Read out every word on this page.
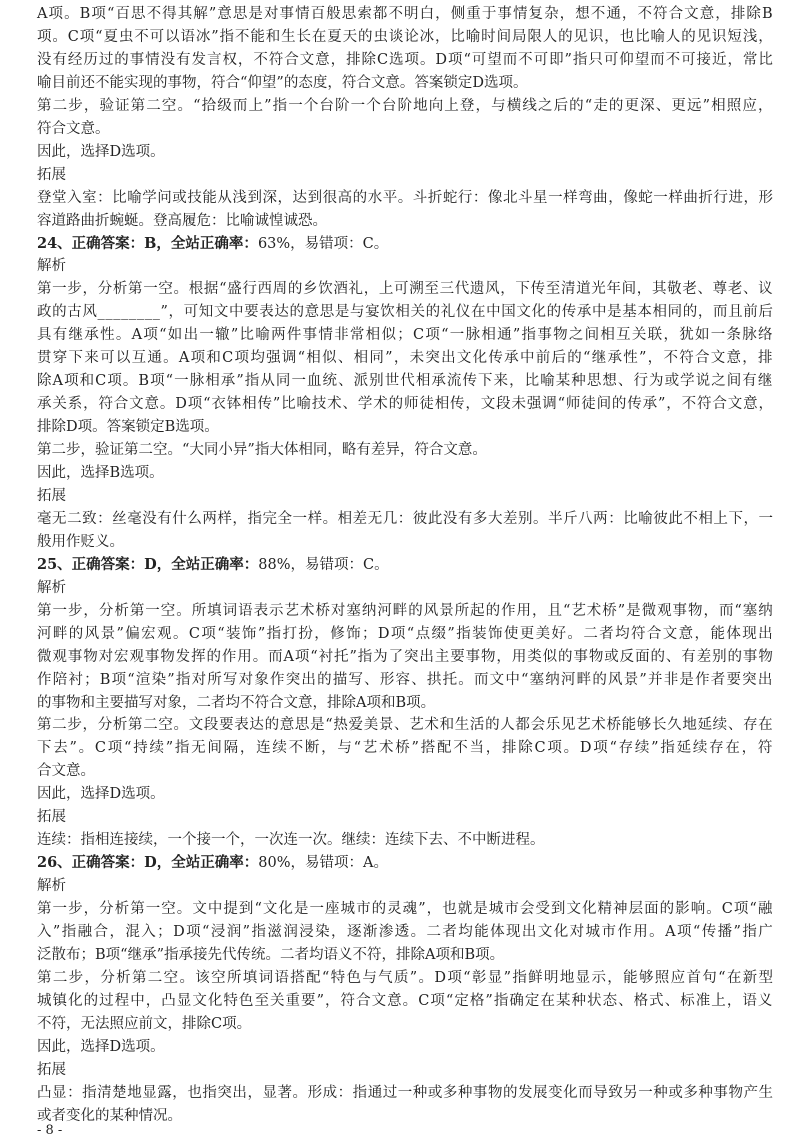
A 项 。 B 项 “ 百 思 不 得 其 解 ” 意 思 是 对 事 情 百 般 思 索 都 不 明 白 ， 侧 重 于 事 情 复 杂 ， 想 不 通 ， 不 符 合 文 意 ， 排 除 B
项 。 C 项 “ 夏 虫 不 可 以 语 冰 ” 指 不 能 和 生 长 在 夏 天 的 虫 谈 论 冰 ， 比 喻 时 间 局 限 人 的 见 识 ， 也 比 喻 人 的 见 识 短 浅 ，
没 有 经 历 过 的 事 情 没 有 发 言 权 ， 不 符 合 文 意 ， 排 除 C 选 项 。 D 项 “ 可 望 而 不 可 即 ” 指 只 可 仰 望 而 不 可 接 近 ， 常 比
喻目前还不能实现的事物，符合“仰望”的态度，符合文意。答案锁定D选项。
第 二 步 ， 验 证 第 二 空 。 “ 拾 级 而 上 ” 指 一 个 台 阶 一 个 台 阶 地 向 上 登 ， 与 横 线 之 后 的 “ 走 的 更 深 、 更 远 ” 相 照 应 ，
符合文意。
因此，选择D选项。
拓展
登 堂 入 室 ： 比 喻 学 问 或 技 能 从 浅 到 深 ， 达 到 很 高 的 水 平 。 斗 折 蛇 行 ： 像 北 斗 星 一 样 弯 曲 ， 像 蛇 一 样 曲 折 行 进 ， 形
容道路曲折蜿蜒。登高履危：比喻诚惶诚恐。
24、正确答案：B，全站正确率： 63%，易错项：C。
解析
第 一 步 ， 分 析 第 一 空 。 根 据 “ 盛 行 西 周 的 乡 饮 酒 礼 ， 上 可 溯 至 三 代 遗 风 ， 下 传 至 清 道 光 年 间 ， 其 敬 老 、 尊 老 、 议
政 的 古 风 _ _ _ _ _ _ _ _ ” ， 可 知 文 中 要 表 达 的 意 思 是 与 宴 饮 相 关 的 礼 仪 在 中 国 文 化 的 传 承 中 是 基 本 相 同 的 ， 而 且 前 后
具 有 继 承 性 。 A 项 “ 如 出 一 辙 ” 比 喻 两 件 事 情 非 常 相 似 ； C 项 “ 一 脉 相 通 ” 指 事 物 之 间 相 互 关 联 ， 犹 如 一 条 脉 络
贯 穿 下 来 可 以 互 通 。 A 项 和 C 项 均 强 调 “ 相 似 、 相 同 ” ， 未 突 出 文 化 传 承 中 前 后 的 “ 继 承 性 ” ， 不 符 合 文 意 ， 排
除 A 项 和 C 项 。 B 项 “ 一 脉 相 承 ” 指 从 同 一 血 统 、 派 别 世 代 相 承 流 传 下 来 ， 比 喻 某 种 思 想 、 行 为 或 学 说 之 间 有 继
承 关 系 ， 符 合 文 意 。 D 项 “ 衣 钵 相 传 ” 比 喻 技 术 、 学 术 的 师 徒 相 传 ， 文 段 未 强 调 “ 师 徒 间 的 传 承 ” ， 不 符 合 文 意 ，
排除D项。答案锁定B选项。
第二步，验证第二空。“大同小异”指大体相同，略有差异，符合文意。
因此，选择B选项。
拓展
毫 无 二 致 ： 丝 毫 没 有 什 么 两 样 ， 指 完 全 一 样 。 相 差 无 几 ： 彼 此 没 有 多 大 差 别 。 半 斤 八 两 ： 比 喻 彼 此 不 相 上 下 ， 一
般用作贬义。
25、正确答案：D，全站正确率： 88%，易错项：C。
解析
第 一 步 ， 分 析 第 一 空 。 所 填 词 语 表 示 艺 术 桥 对 塞 纳 河 畔 的 风 景 所 起 的 作 用 ， 且 “ 艺 术 桥 ” 是 微 观 事 物 ， 而 “ 塞 纳
河 畔 的 风 景 ” 偏 宏 观 。 C 项 “ 装 饰 ” 指 打 扮 ， 修 饰 ； D 项 “ 点 缀 ” 指 装 饰 使 更 美 好 。 二 者 均 符 合 文 意 ， 能 体 现 出
微 观 事 物 对 宏 观 事 物 发 挥 的 作 用 。 而 A 项 “ 衬 托 ” 指 为 了 突 出 主 要 事 物 ， 用 类 似 的 事 物 或 反 面 的 、 有 差 别 的 事 物
作 陪 衬 ； B 项 “ 渲 染 ” 指 对 所 写 对 象 作 突 出 的 描 写 、 形 容 、 拱 托 。 而 文 中 “ 塞 纳 河 畔 的 风 景 ” 并 非 是 作 者 要 突 出
的事物和主要描写对象，二者均不符合文意，排除A项和B项。
第 二 步 ， 分 析 第 二 空 。 文 段 要 表 达 的 意 思 是 “ 热 爱 美 景 、 艺 术 和 生 活 的 人 都 会 乐 见 艺 术 桥 能 够 长 久 地 延 续 、 存 在
下 去 ” 。 C 项 “ 持 续 ” 指 无 间 隔 ， 连 续 不 断 ， 与 “ 艺 术 桥 ” 搭 配 不 当 ， 排 除 C 项 。 D 项 “ 存 续 ” 指 延 续 存 在 ， 符
合文意。
因此，选择D选项。
拓展
连续：指相连接续，一个接一个，一次连一次。继续：连续下去、不中断进程。
26、正确答案：D，全站正确率： 80%，易错项：A。
解析
第 一 步 ， 分 析 第 一 空 。 文 中 提 到 “ 文 化 是 一 座 城 市 的 灵 魂 ” ， 也 就 是 城 市 会 受 到 文 化 精 神 层 面 的 影 响 。 C 项 “ 融
入 ” 指 融 合 ， 混 入 ； D 项 “ 浸 润 ” 指 滋 润 浸 染 ， 逐 渐 渗 透 。 二 者 均 能 体 现 出 文 化 对 城 市 作 用 。 A 项 “ 传 播 ” 指 广
泛散布；B项“继承”指承接先代传统。二者均语义不符，排除A项和B项。
第 二 步 ， 分 析 第 二 空 。 该 空 所 填 词 语 搭 配 “ 特 色 与 气 质 ” 。 D 项 “ 彰 显 ” 指 鲜 明 地 显 示 ， 能 够 照 应 首 句 “ 在 新 型
城 镇 化 的 过 程 中 ， 凸 显 文 化 特 色 至 关 重 要 ” ， 符 合 文 意 。 C 项 “ 定 格 ” 指 确 定 在 某 种 状 态 、 格 式 、 标 准 上 ， 语 义
不符，无法照应前文，排除C项。
因此，选择D选项。
拓展
凸 显 ： 指 清 楚 地 显 露 ， 也 指 突 出 ， 显 著 。 形 成 ： 指 通 过 一 种 或 多 种 事 物 的 发 展 变 化 而 导 致 另 一 种 或 多 种 事 物 产 生
或者变化的某种情况。
- 8 -
